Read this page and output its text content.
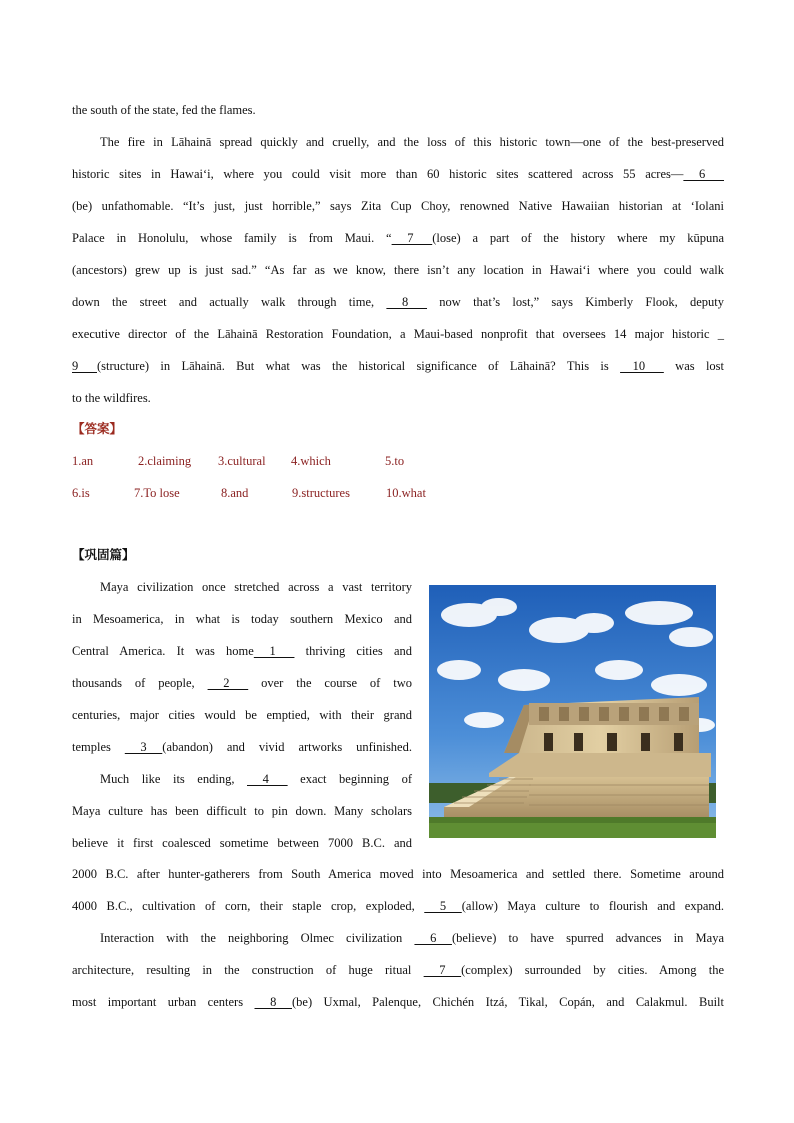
the south of the state, fed the flames.
The fire in Lāhainā spread quickly and cruelly, and the loss of this historic town—one of the best-preserved
historic sites in Hawaiʻi, where you could visit more than 60 historic sites scattered across 55 acres—     6
(be) unfathomable. “It’s just, just horrible,” says Zita Cup Choy, renowned Native Hawaiian historian at ʻIolani
Palace in Honolulu, whose family is from Maui. “     7      (lose) a part of the history where my kūpuna
(ancestors) grew up is just sad.” “As far as we know, there isn’t any location in Hawaiʻi where you could walk
down the street and actually walk through time,      8       now that’s lost,” says Kimberly Flook, deputy
executive director of the Lāhainā Restoration Foundation, a Maui-based nonprofit that oversees 14 major historic _
9      (structure) in Lāhainā. But what was the historical significance of Lāhainā? This is     10       was lost
to the wildfires.
【答案】
1.an	2.claiming 3.cultural 4.which	5.to
6.is	7.To lose	8.and	9.structures	10.what
【巩固篇】
Maya civilization once stretched across a vast territory
in Mesoamerica, in what is today southern Mexico and
Central America. It was home     1       thriving cities and
thousands of people,      2       over the course of two
centuries, major cities would be emptied, with their grand
temples      3     (abandon) and vivid artworks unfinished.
Much like its ending,      4       exact beginning of
Maya culture has been difficult to pin down. Many scholars
believe it first coalesced sometime between 7000 B.C. and
2000 B.C. after hunter-gatherers from South America moved into Mesoamerica and settled there. Sometime around
4000 B.C., cultivation of corn, their staple crop, exploded,      5     (allow) Maya culture to flourish and expand.
Interaction with the neighboring Olmec civilization      6     (believe) to have spurred advances in Maya
architecture, resulting in the construction of huge ritual      7     (complex) surrounded by cities. Among the
most important urban centers      8     (be) Uxmal, Palenque, Chichén Itzá, Tikal, Copán, and Calakmul. Built
